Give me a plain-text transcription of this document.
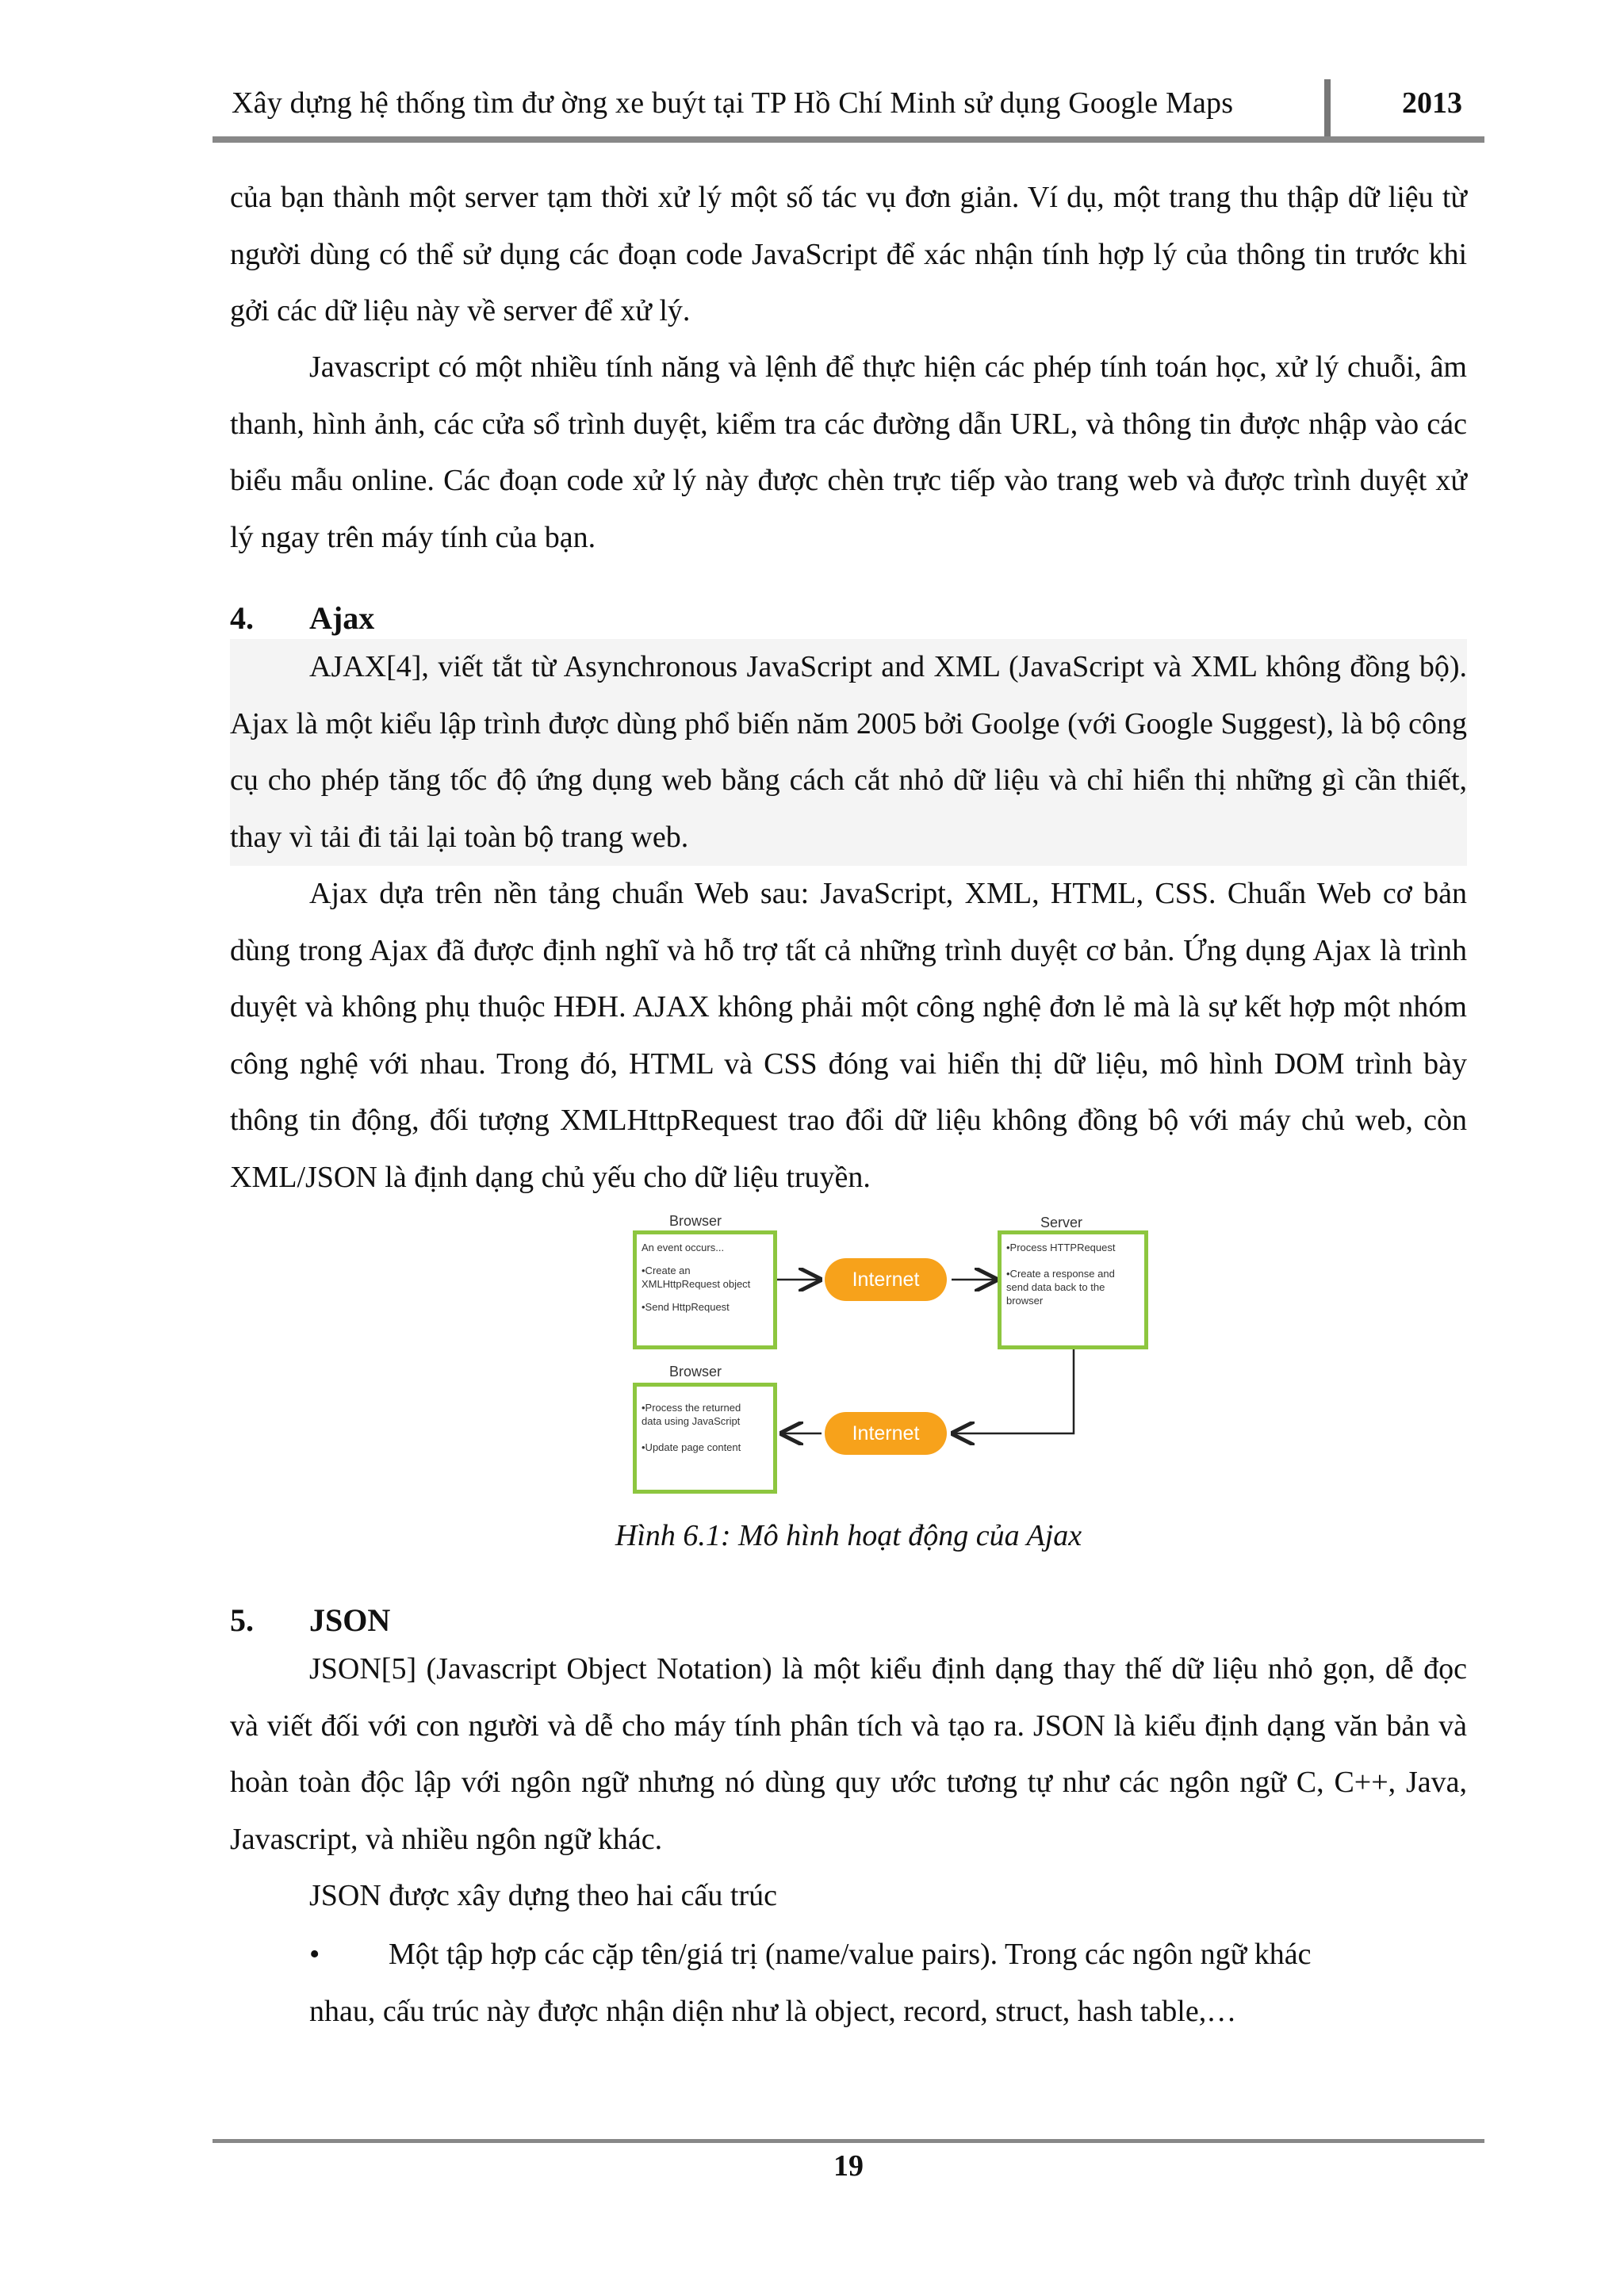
Xây dựng hệ thống tìm đư ờng xe buýt tại TP Hồ Chí Minh sử dụng Google Maps	2013

của bạn thành một server tạm thời xử lý một số tác vụ đơn giản. Ví dụ, một trang thu thập dữ liệu từ người dùng có thể sử dụng các đoạn code JavaScript để xác nhận tính hợp lý của thông tin trước khi gởi các dữ liệu này về server để xử lý.

Javascript có một nhiều tính năng và lệnh để thực hiện các phép tính toán học, xử lý chuỗi, âm thanh, hình ảnh, các cửa sổ trình duyệt, kiểm tra các đường dẫn URL, và thông tin được nhập vào các biểu mẫu online. Các đoạn code xử lý này được chèn trực tiếp vào trang web và được trình duyệt xử lý ngay trên máy tính của bạn.

4. Ajax

AJAX[4], viết tắt từ Asynchronous JavaScript and XML (JavaScript và XML không đồng bộ). Ajax là một kiểu lập trình được dùng phổ biến năm 2005 bởi Goolge (với Google Suggest), là bộ công cụ cho phép tăng tốc độ ứng dụng web bằng cách cắt nhỏ dữ liệu và chỉ hiển thị những gì cần thiết, thay vì tải đi tải lại toàn bộ trang web.

Ajax dựa trên nền tảng chuẩn Web sau: JavaScript, XML, HTML, CSS. Chuẩn Web cơ bản dùng trong Ajax đã được định nghĩ và hỗ trợ tất cả những trình duyệt cơ bản. Ứng dụng Ajax là trình duyệt và không phụ thuộc HĐH. AJAX không phải một công nghệ đơn lẻ mà là sự kết hợp một nhóm công nghệ với nhau. Trong đó, HTML và CSS đóng vai hiển thị dữ liệu, mô hình DOM trình bày thông tin động, đối tượng XMLHttpRequest trao đổi dữ liệu không đồng bộ với máy chủ web, còn XML/JSON là định dạng chủ yếu cho dữ liệu truyền.

Browser
An event occurs...
•Create an
XMLHttpRequest object
•Send HttpRequest
Internet
Server
•Process HTTPRequest
•Create a response and
send data back to the
browser
Browser
•Process the returned
data using JavaScript
•Update page content
Internet
Hình 6.1: Mô hình hoạt động của Ajax
5. JSON

JSON[5] (Javascript Object Notation) là một kiểu định dạng thay thế dữ liệu nhỏ gọn, dễ đọc và viết đối với con người và dễ cho máy tính phân tích và tạo ra. JSON là kiểu định dạng văn bản và hoàn toàn độc lập với ngôn ngữ nhưng nó dùng quy ước tương tự như các ngôn ngữ C, C++, Java, Javascript, và nhiều ngôn ngữ khác.

JSON được xây dựng theo hai cấu trúc

• Một tập hợp các cặp tên/giá trị (name/value pairs). Trong các ngôn ngữ khác
nhau, cấu trúc này được nhận diện như là object, record, struct, hash table,…
19
